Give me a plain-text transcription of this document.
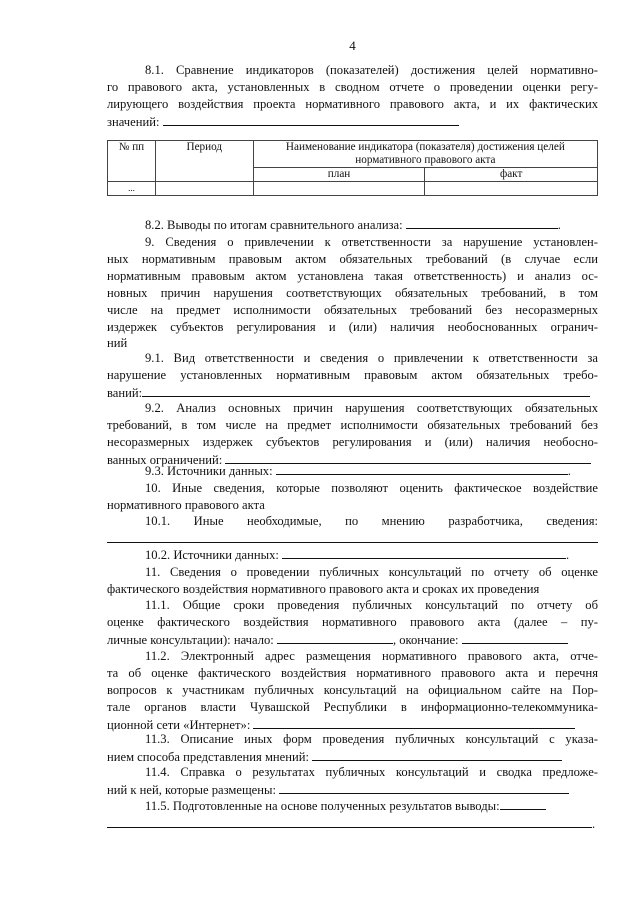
4
8.1. Сравнение индикаторов (показателей) достижения целей нормативно-
го правового акта, установленных в сводном отчете о проведении оценки регу-
лирующего воздействия проекта нормативного правового акта, и их фактических
значений:
№ пп	Период	Наименование индикатора (показателя) достижения целей нормативного правового акта	
		план	факт
...			
8.2. Выводы по итогам сравнительного анализа:	.
9. Сведения о привлечении к ответственности за нарушение установлен-
ных нормативным правовым актом обязательных требований (в случае если
нормативным правовым актом установлена такая ответственность) и анализ ос-
новных причин нарушения соответствующих обязательных требований, в том
числе на предмет исполнимости обязательных требований без несоразмерных
издержек субъектов регулирования и (или) наличия необоснованных огранич-
ний
9.1. Вид ответственности и сведения о привлечении к ответственности за
нарушение установленных нормативным правовым актом обязательных требо-
ваний:
9.2. Анализ основных причин нарушения соответствующих обязательных
требований, в том числе на предмет исполнимости обязательных требований без
несоразмерных издержек субъектов регулирования и (или) наличия необосно-
ванных ограничений:
9.3. Источники данных:	.
10. Иные сведения, которые позволяют оценить фактическое воздействие
нормативного правового акта
10.1. Иные необходимые, по мнению разработчика, сведения:
10.2. Источники данных:	.
11. Сведения о проведении публичных консультаций по отчету об оценке
фактического воздействия нормативного правового акта и сроках их проведения
11.1. Общие сроки проведения публичных консультаций по отчету об
оценке фактического воздействия нормативного правового акта (далее – пу-
личные консультации): начало:	, окончание:
11.2. Электронный адрес размещения нормативного правового акта, отче-
та об оценке фактического воздействия нормативного правового акта и перечня
вопросов к участникам публичных консультаций на официальном сайте на Пор-
тале органов власти Чувашской Республики в информационно-телекоммуника-
ционной сети «Интернет»:
11.3. Описание иных форм проведения публичных консультаций с указа-
нием способа представления мнений:
11.4. Справка о результатах публичных консультаций и сводка предложе-
ний к ней, которые размещены:
11.5. Подготовленные на основе полученных результатов выводы:
.
